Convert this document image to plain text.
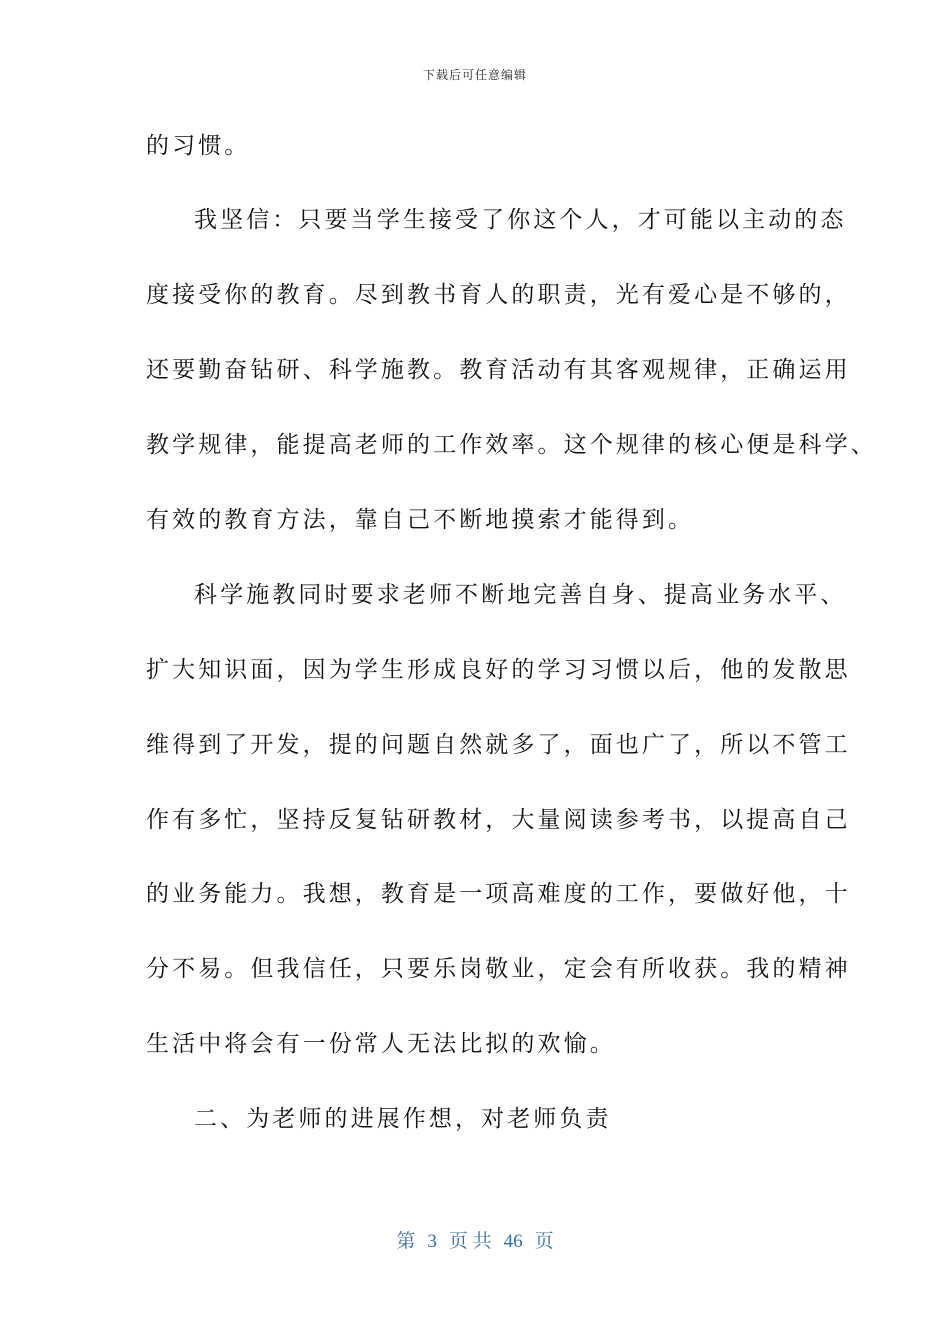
下载后可任意编辑
的习惯。
我坚信：只要当学生接受了你这个人，才可能以主动的态
度接受你的教育。尽到教书育人的职责，光有爱心是不够的，
还要勤奋钻研、科学施教。教育活动有其客观规律，正确运用
教学规律，能提高老师的工作效率。这个规律的核心便是科学、
有效的教育方法，靠自己不断地摸索才能得到。
科学施教同时要求老师不断地完善自身、提高业务水平、
扩大知识面，因为学生形成良好的学习习惯以后，他的发散思
维得到了开发，提的问题自然就多了，面也广了，所以不管工
作有多忙，坚持反复钻研教材，大量阅读参考书，以提高自己
的业务能力。我想，教育是一项高难度的工作，要做好他，十
分不易。但我信任，只要乐岗敬业，定会有所收获。我的精神
生活中将会有一份常人无法比拟的欢愉。
二、为老师的进展作想，对老师负责
第 3 页 共 46 页
